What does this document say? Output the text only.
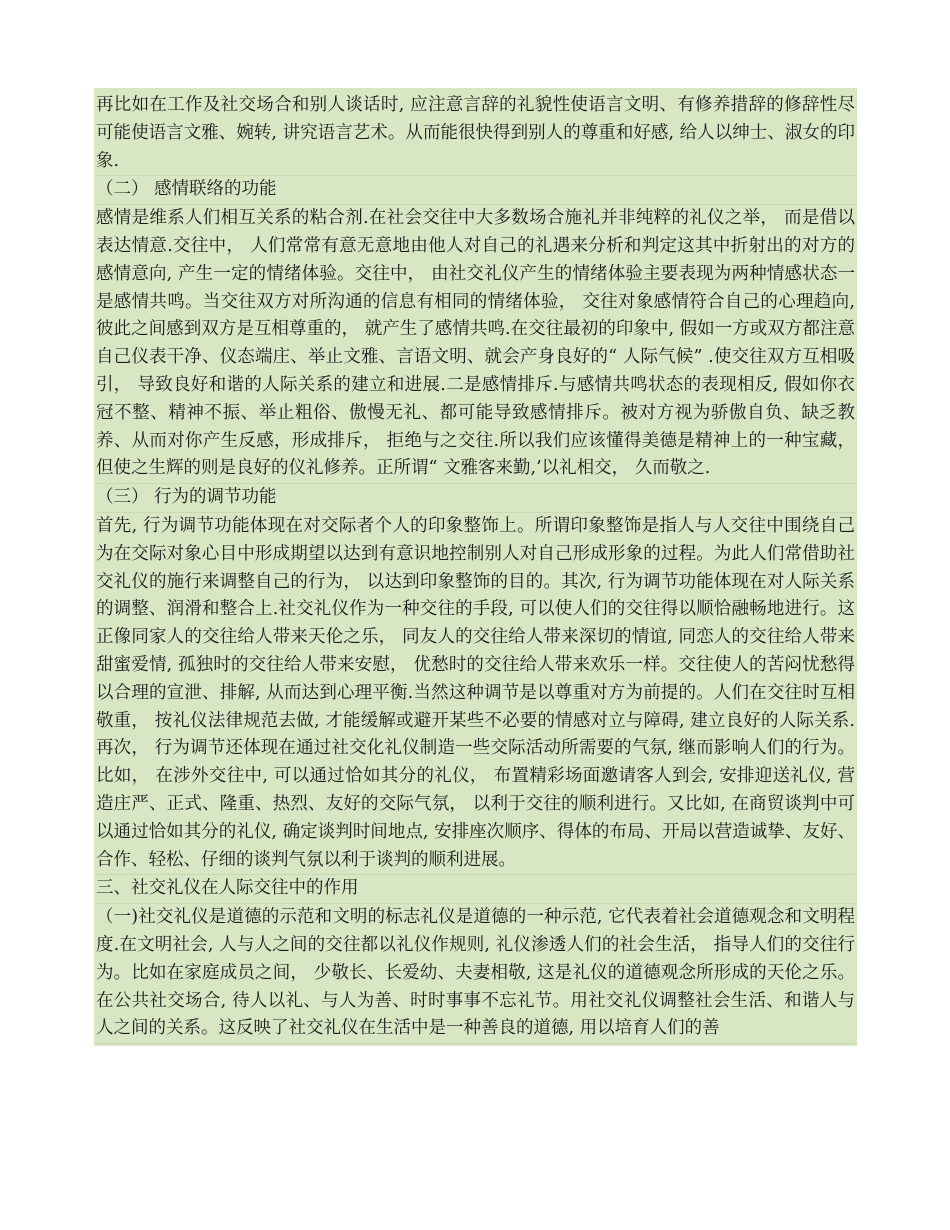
再比如在工作及社交场合和别人谈话时, 应注意言辞的礼貌性使语言文明、有修养措辞的修辞性尽可能使语言文雅、婉转, 讲究语言艺术。从而能很快得到别人的尊重和好感, 给人以绅士、淑女的印象.

（二） 感情联络的功能

感情是维系人们相互关系的粘合剂.在社会交往中大多数场合施礼并非纯粹的礼仪之举， 而是借以表达情意.交往中， 人们常常有意无意地由他人对自己的礼遇来分析和判定这其中折射出的对方的感情意向, 产生一定的情绪体验。交往中， 由社交礼仪产生的情绪体验主要表现为两种情感状态一是感情共鸣。当交往双方对所沟通的信息有相同的情绪体验， 交往对象感情符合自己的心理趋向, 彼此之间感到双方是互相尊重的， 就产生了感情共鸣.在交往最初的印象中, 假如一方或双方都注意自己仪表干净、仪态端庄、举止文雅、言语文明、就会产身良好的“ 人际气候” .使交往双方互相吸引， 导致良好和谐的人际关系的建立和进展.二是感情排斥.与感情共鸣状态的表现相反, 假如你衣冠不整、精神不振、举止粗俗、傲慢无礼、都可能导致感情排斥。被对方视为骄傲自负、缺乏教养、从而对你产生反感，形成排斥， 拒绝与之交往.所以我们应该懂得美德是精神上的一种宝藏， 但使之生辉的则是良好的仪礼修养。正所谓“ 文雅客来勤,’以礼相交， 久而敬之.

（三） 行为的调节功能

首先, 行为调节功能体现在对交际者个人的印象整饰上。所谓印象整饰是指人与人交往中围绕自己为在交际对象心目中形成期望以达到有意识地控制别人对自己形成形象的过程。为此人们常借助社交礼仪的施行来调整自己的行为， 以达到印象整饰的目的。其次, 行为调节功能体现在对人际关系的调整、润滑和整合上.社交礼仪作为一种交往的手段, 可以使人们的交往得以顺恰融畅地进行。这正像同家人的交往给人带来天伦之乐， 同友人的交往给人带来深切的情谊, 同恋人的交往给人带来甜蜜爱情, 孤独时的交往给人带来安慰， 优愁时的交往给人带来欢乐一样。交往使人的苦闷忧愁得以合理的宣泄、排解, 从而达到心理平衡.当然这种调节是以尊重对方为前提的。人们在交往时互相敬重， 按礼仪法律规范去做, 才能缓解或避开某些不必要的情感对立与障碍, 建立良好的人际关系.再次， 行为调节还体现在通过社交化礼仪制造一些交际活动所需要的气氛, 继而影响人们的行为。比如， 在涉外交往中, 可以通过恰如其分的礼仪， 布置精彩场面邀请客人到会, 安排迎送礼仪, 营造庄严、正式、隆重、热烈、友好的交际气氛， 以利于交往的顺利进行。又比如, 在商贸谈判中可以通过恰如其分的礼仪, 确定谈判时间地点, 安排座次顺序、得体的布局、开局以营造诚挚、友好、合作、轻松、仔细的谈判气氛以利于谈判的顺利进展。

三、社交礼仪在人际交往中的作用

（一)社交礼仪是道德的示范和文明的标志礼仪是道德的一种示范, 它代表着社会道德观念和文明程度.在文明社会, 人与人之间的交往都以礼仪作规则, 礼仪渗透人们的社会生活， 指导人们的交往行为。比如在家庭成员之间， 少敬长、长爱幼、夫妻相敬, 这是礼仪的道德观念所形成的天伦之乐。在公共社交场合, 待人以礼、与人为善、时时事事不忘礼节。用社交礼仪调整社会生活、和谐人与人之间的关系。这反映了社交礼仪在生活中是一种善良的道德, 用以培育人们的善
